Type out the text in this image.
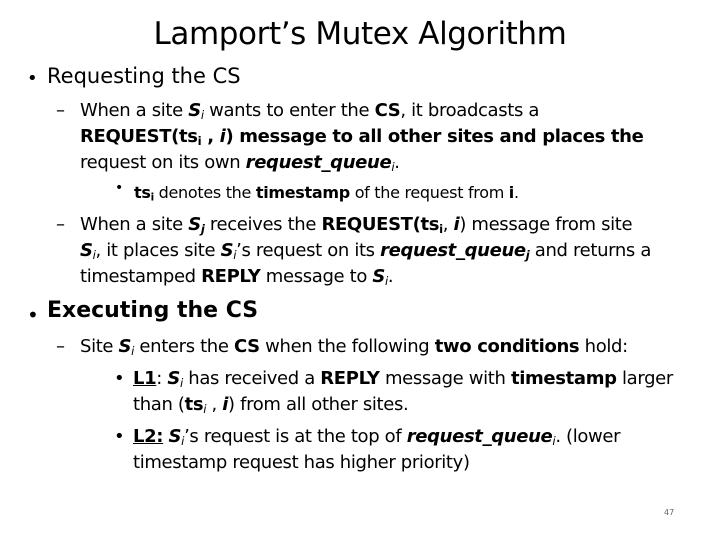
Lamport’s Mutex Algorithm
• Requesting the CS
– When a site $S_i$ wants to enter the CS, it broadcasts a
$REQUEST(ts_i$ , i) message to all other sites and places the
request on its own request_queue$_i$.
• $ts_i$ denotes the timestamp of the request from i.
– When a site $S_j$ receives the $REQUEST(ts_i$, i) message from site
$S_i$, it places site $S_i’s$ request on its request_queue$_j$ and returns a
timestamped REPLY message to $S_i$.
• Executing the CS
– Site $S_i$ enters the CS when the following two conditions hold:
• L1: $S_i$ has received a REPLY message with timestamp larger
than ($ts_i$ , i) from all other sites.
• L2: $S_i’s$ request is at the top of request_queue$_i$. (lower
timestamp request has higher priority)
47
